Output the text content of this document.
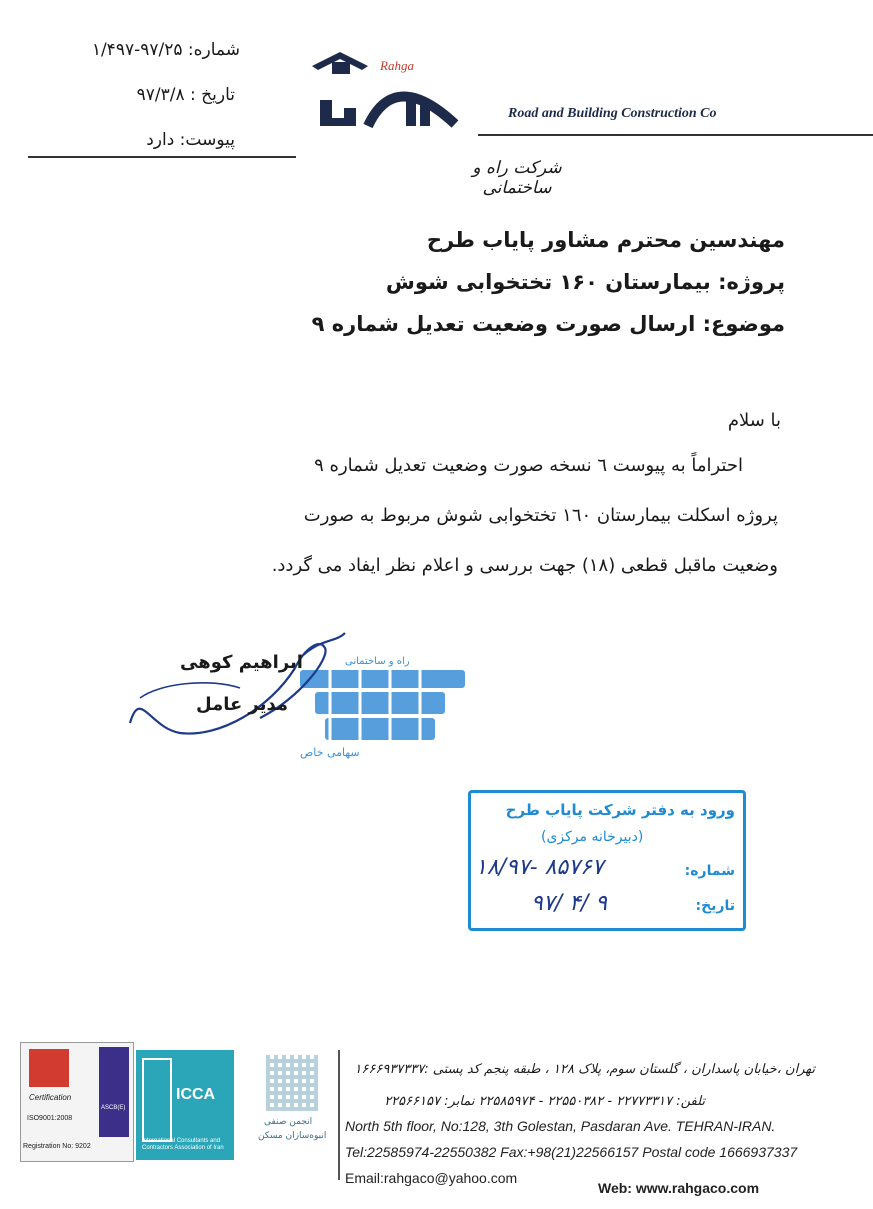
شماره: ۹۷/۲۵-۱/۴۹۷
تاریخ : ۹۷/۳/۸
پیوست: دارد
Rahga
Road and Building Construction Co
شرکت راه و ساختمانی
مهندسین محترم مشاور پایاب طرح
پروژه: بیمارستان ۱۶۰ تختخوابی شوش
موضوع: ارسال صورت وضعیت تعدیل شماره ۹
با سلام
احتراماً به پیوست ٦ نسخه صورت وضعیت تعدیل شماره ۹
پروژه اسکلت بیمارستان ١٦٠ تختخوابی شوش مربوط به صورت
وضعیت ماقبل قطعی (١٨) جهت بررسی و اعلام نظر ایفاد می گردد.
سهامی خاص
راه و ساختمانی
ابراهیم کوهی
مدیر عامل
ورود به دفتر شرکت پایاب طرح
(دبیرخانه مرکزی)
شماره:
۱۸/۹۷- ۸۵۷۶۷
تاریخ:
۹۷/ ۴/ ۹
ASCB(E)
Certification
ISO9001:2008
Registration No: 9202
ICCA
International Consultants and Contractors Association of Iran
انجمن صنفی
انبوه‌سازان مسکن
تهران ،خیابان پاسداران ، گلستان سوم، پلاک ۱۲۸ ، طبقه پنجم کد پستی :۱۶۶۶۹۳۷۳۳۷
تلفن: ۲۲۷۷۳۳۱۷ - ۲۲۵۵۰۳۸۲ - ۲۲۵۸۵۹۷۴ نمابر: ۲۲۵۶۶۱۵۷
North 5th floor, No:128, 3th Golestan, Pasdaran Ave. TEHRAN-IRAN.
Tel:22585974-22550382 Fax:+98(21)22566157 Postal code 1666937337
Email:rahgaco@yahoo.com
Web: www.rahgaco.com
